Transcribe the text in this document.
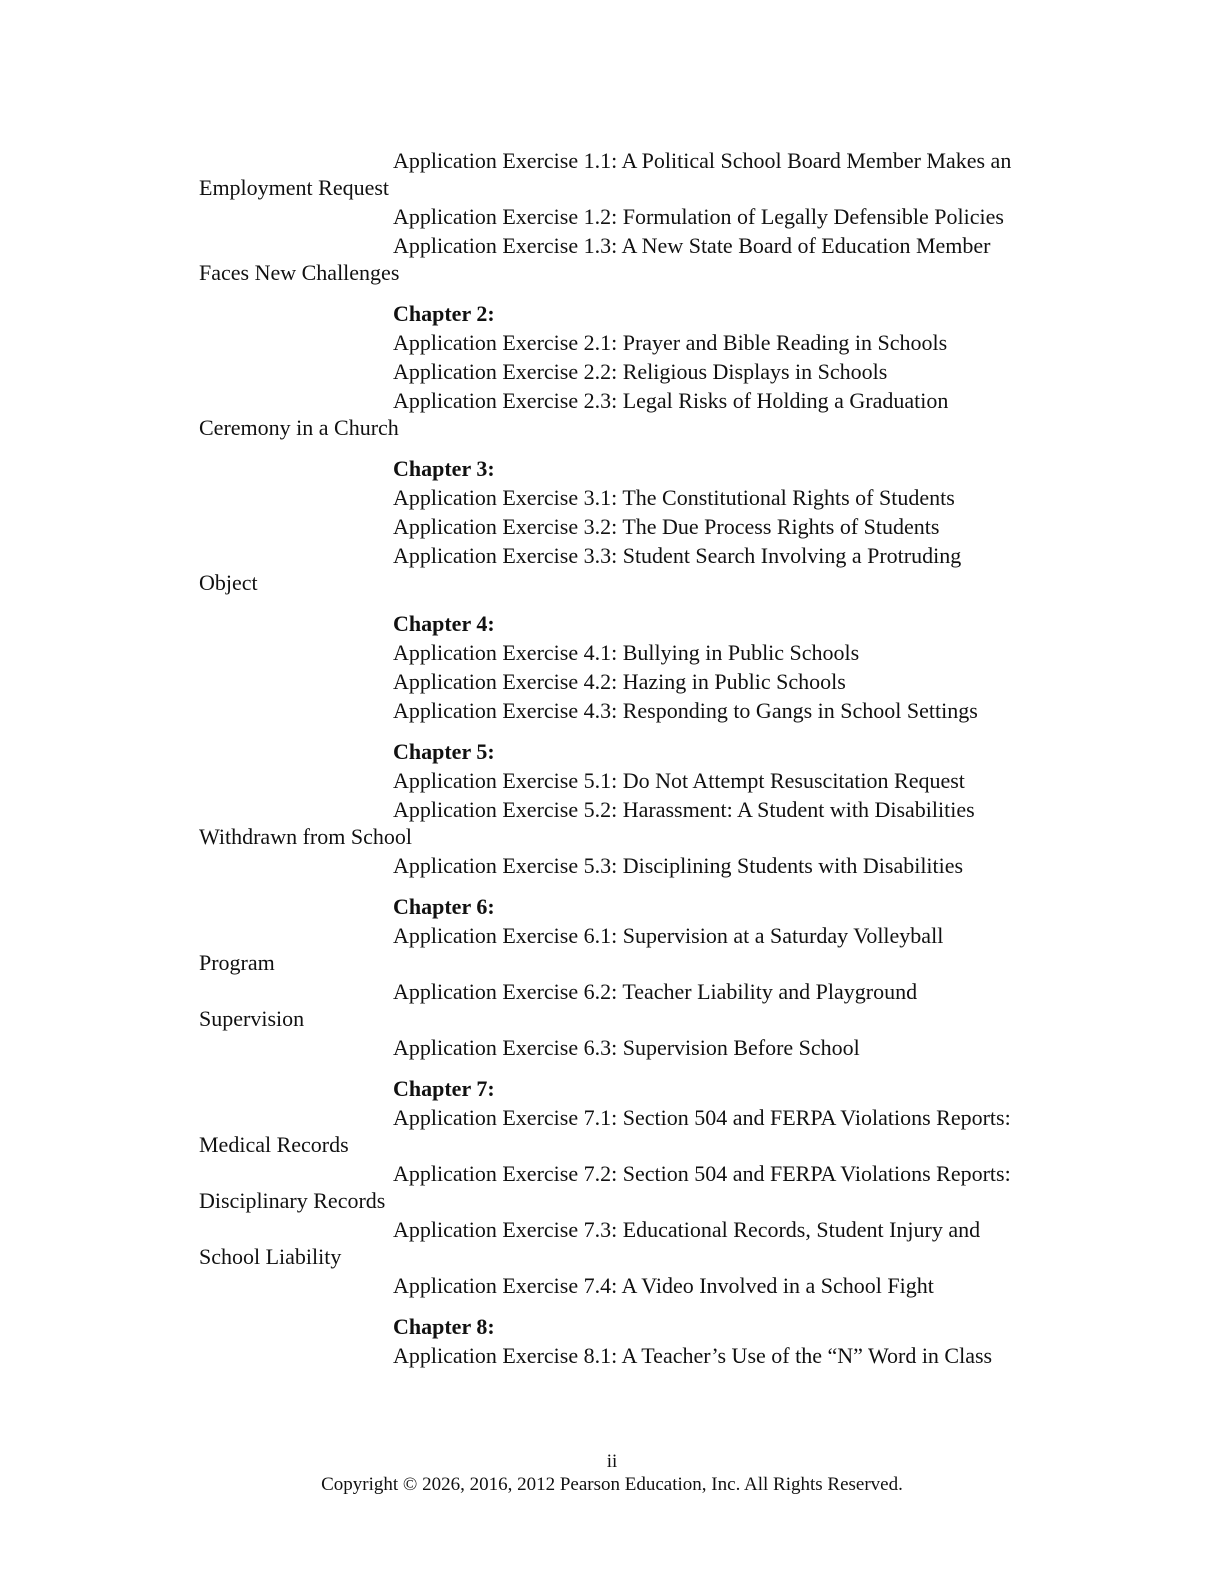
Application Exercise 1.1: A Political School Board Member Makes an
Employment Request
Application Exercise 1.2: Formulation of Legally Defensible Policies
Application Exercise 1.3: A New State Board of Education Member
Faces New Challenges
Chapter 2:
Application Exercise 2.1: Prayer and Bible Reading in Schools
Application Exercise 2.2: Religious Displays in Schools
Application Exercise 2.3: Legal Risks of Holding a Graduation
Ceremony in a Church
Chapter 3:
Application Exercise 3.1: The Constitutional Rights of Students
Application Exercise 3.2: The Due Process Rights of Students
Application Exercise 3.3: Student Search Involving a Protruding
Object
Chapter 4:
Application Exercise 4.1: Bullying in Public Schools
Application Exercise 4.2: Hazing in Public Schools
Application Exercise 4.3: Responding to Gangs in School Settings
Chapter 5:
Application Exercise 5.1: Do Not Attempt Resuscitation Request
Application Exercise 5.2: Harassment: A Student with Disabilities
Withdrawn from School
Application Exercise 5.3: Disciplining Students with Disabilities
Chapter 6:
Application Exercise 6.1: Supervision at a Saturday Volleyball
Program
Application Exercise 6.2: Teacher Liability and Playground
Supervision
Application Exercise 6.3: Supervision Before School
Chapter 7:
Application Exercise 7.1: Section 504 and FERPA Violations Reports:
Medical Records
Application Exercise 7.2: Section 504 and FERPA Violations Reports:
Disciplinary Records
Application Exercise 7.3: Educational Records, Student Injury and
School Liability
Application Exercise 7.4: A Video Involved in a School Fight
Chapter 8:
Application Exercise 8.1: A Teacher’s Use of the “N” Word in Class
ii
Copyright © 2026, 2016, 2012 Pearson Education, Inc. All Rights Reserved.
